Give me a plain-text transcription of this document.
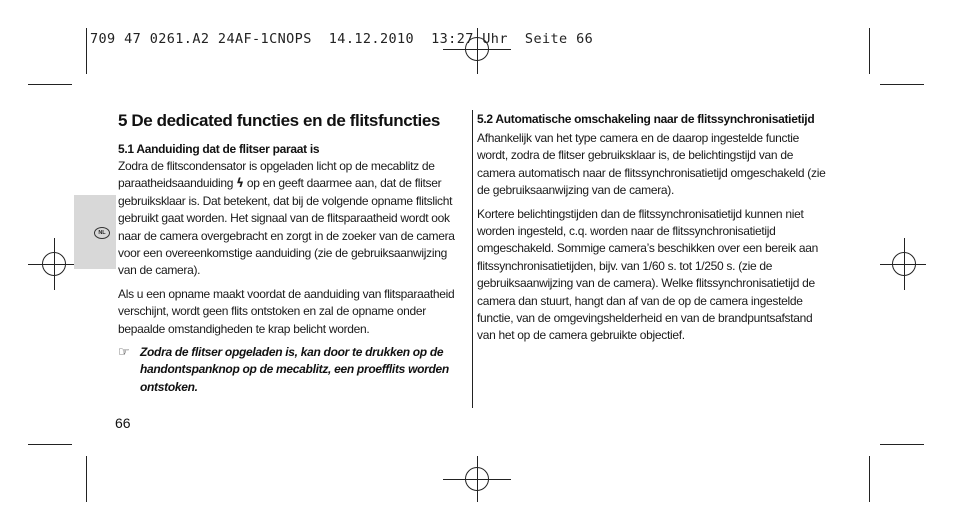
709 47 0261.A2 24AF-1CNOPS  14.12.2010  13:27 Uhr  Seite 66
NL
5 De dedicated functies en de flitsfuncties
5.1 Aanduiding dat de flitser paraat is

Zodra de flitscondensator is opgeladen licht op de mecablitz de paraatheidsaanduiding ϟ op en geeft daarmee aan, dat de flitser gebruiksklaar is. Dat betekent, dat bij de volgende opname flitslicht gebruikt gaat worden. Het signaal van de flitsparaatheid wordt ook naar de camera overgebracht en zorgt in de zoeker van de camera voor een overeenkomstige aanduiding (zie de gebruiksaanwijzing van de camera).

Als u een opname maakt voordat de aanduiding van flitsparaatheid verschijnt, wordt geen flits ontstoken en zal de opname onder bepaalde omstandigheden te krap belicht worden.

☞ Zodra de flitser opgeladen is, kan door te drukken op de handontspanknop op de mecablitz, een proefflits worden ontstoken.
5.2 Automatische omschakeling naar de flitssynchronisatietijd

Afhankelijk van het type camera en de daarop ingestelde functie wordt, zodra de flitser gebruiksklaar is, de belichtingstijd van de camera automatisch naar de flitssynchronisatietijd omgeschakeld (zie de gebruiksaanwijzing van de camera).

Kortere belichtingstijden dan de flitssynchronisatietijd kunnen niet worden ingesteld, c.q. worden naar de flitssynchronisatietijd omgeschakeld. Sommige camera’s beschikken over een bereik aan flitssynchronisatietijden, bijv. van 1/60 s. tot 1/250 s. (zie de gebruiksaanwijzing van de camera). Welke flitssynchronisatietijd de camera dan stuurt, hangt dan af van de op de camera ingestelde functie, van de omgevingshelderheid en van de brandpuntsafstand van het op de camera gebruikte objectief.

66
